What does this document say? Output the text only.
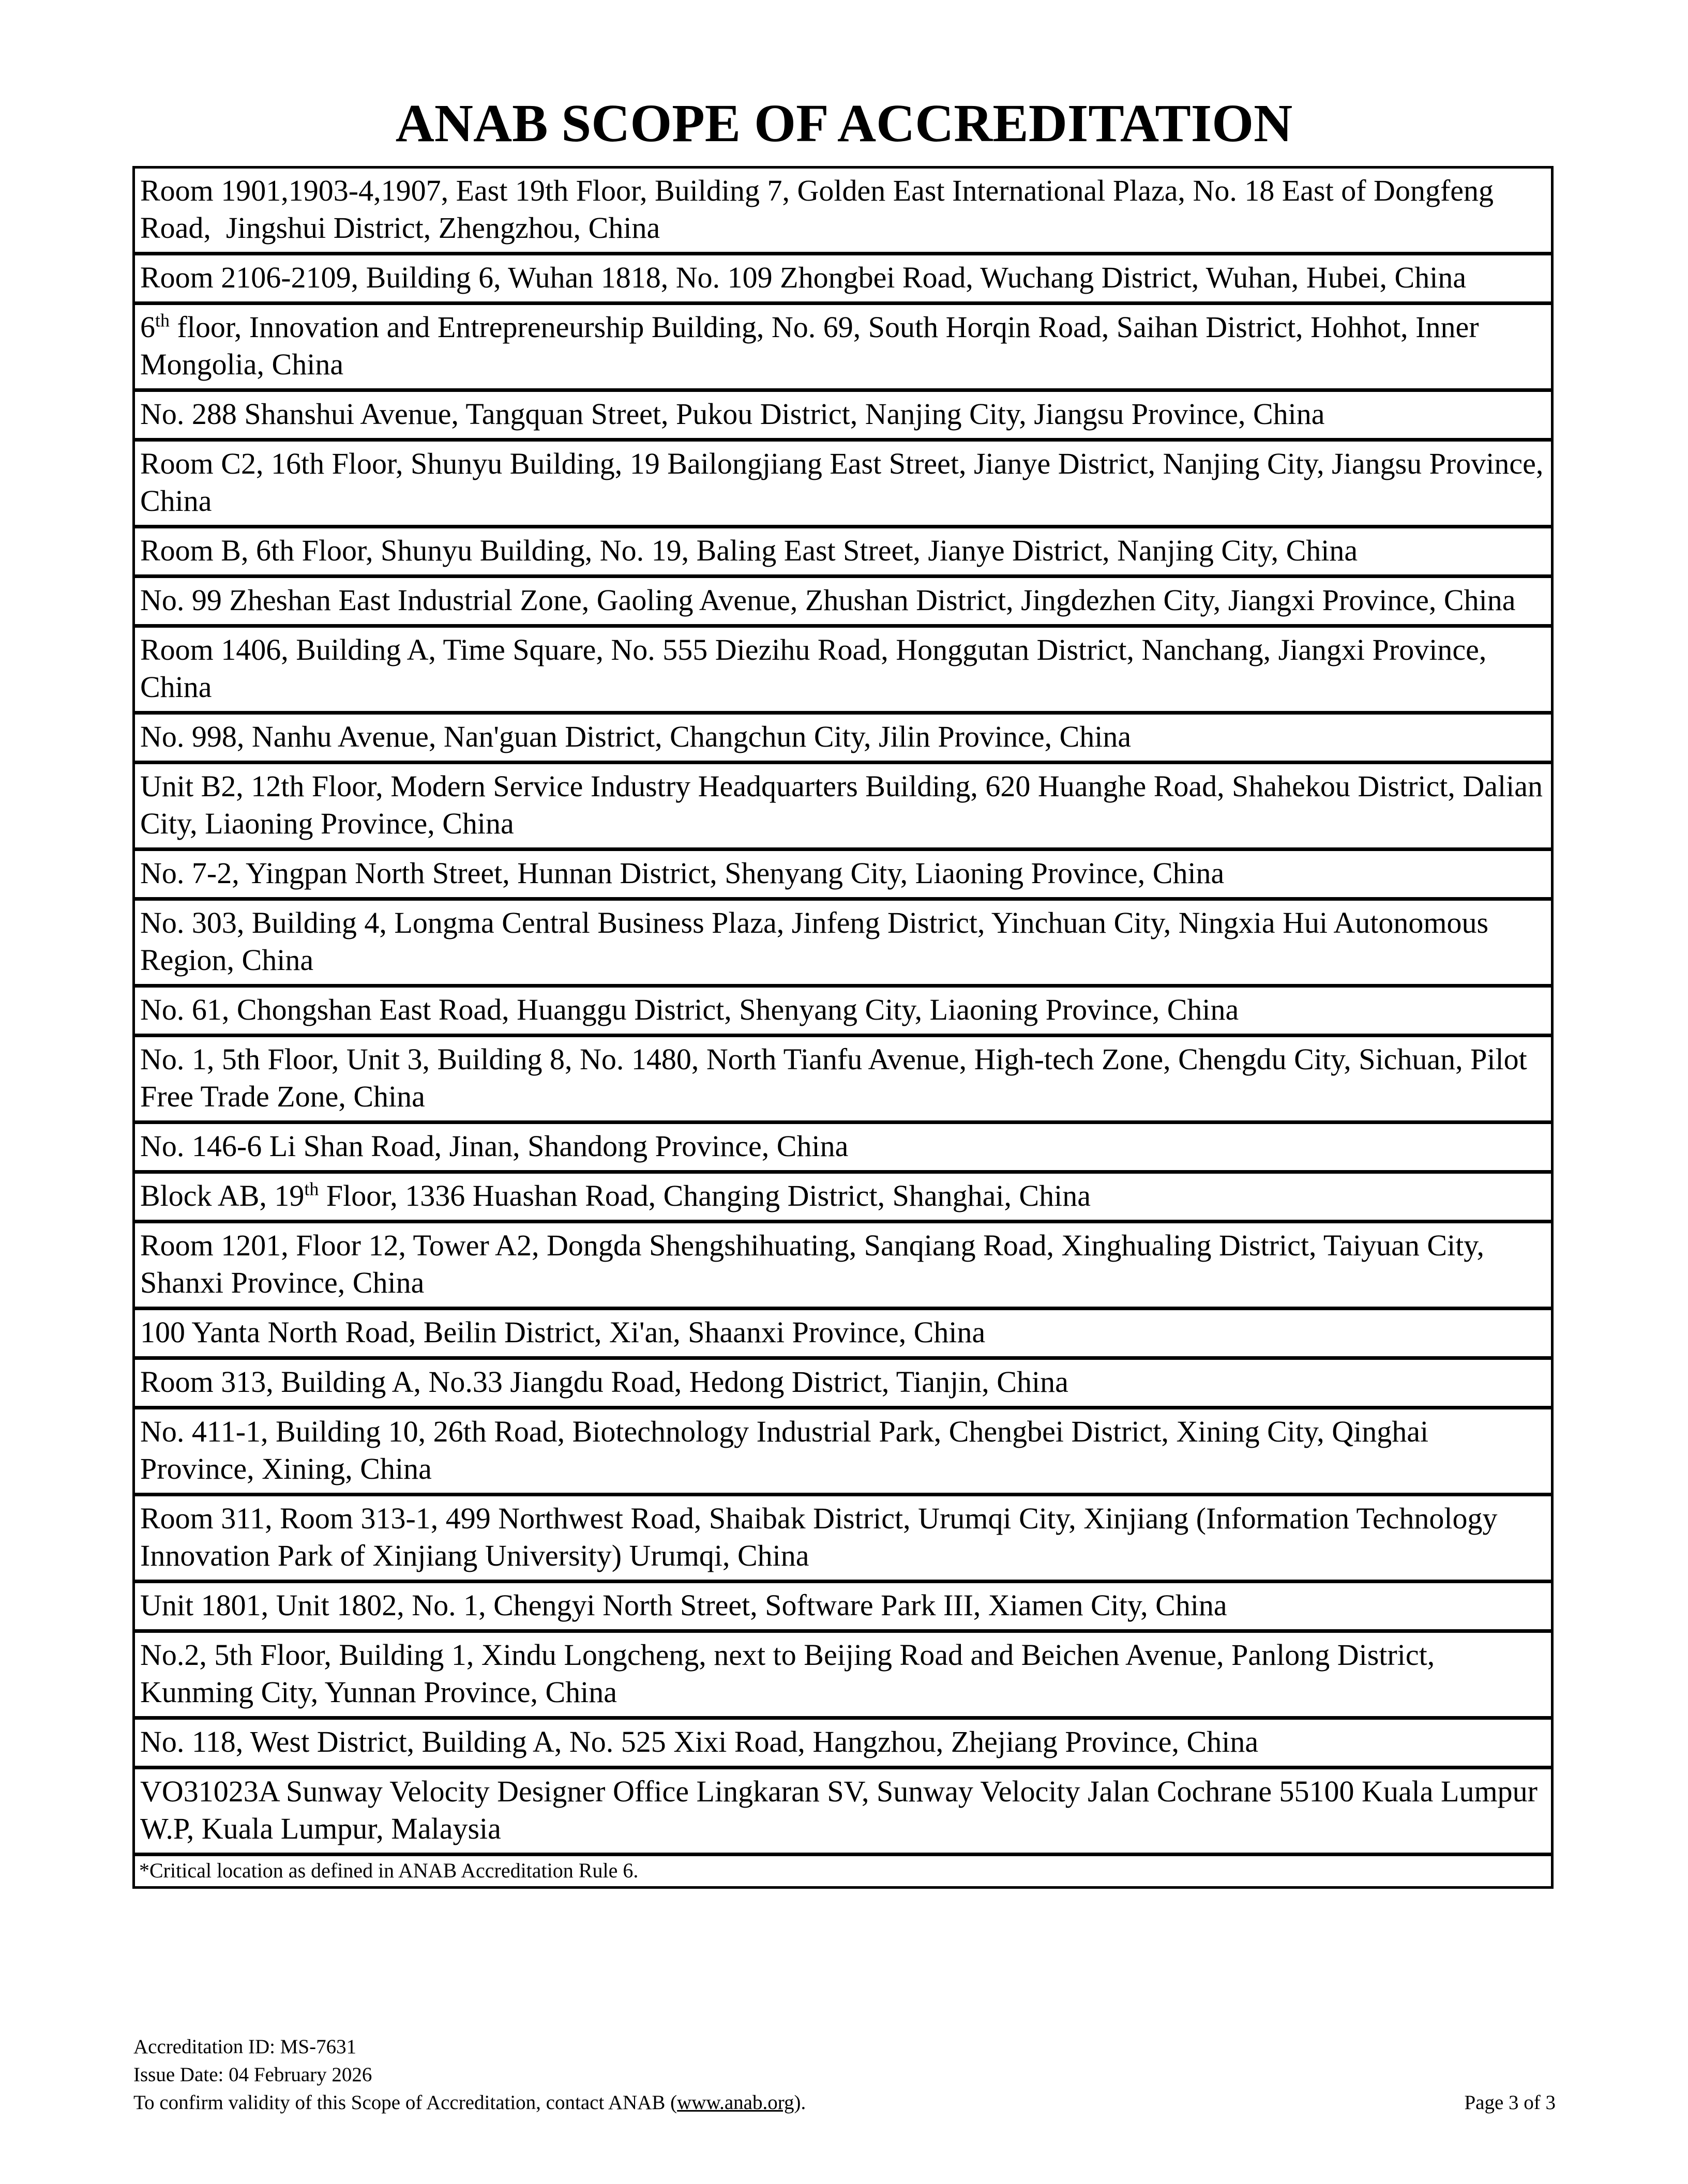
ANAB SCOPE OF ACCREDITATION
Room 1901,1903-4,1907, East 19th Floor, Building 7, Golden East International Plaza, No. 18 East of Dongfeng Road,  Jingshui District, Zhengzhou, China
Room 2106-2109, Building 6, Wuhan 1818, No. 109 Zhongbei Road, Wuchang District, Wuhan, Hubei, China
6th floor, Innovation and Entrepreneurship Building, No. 69, South Horqin Road, Saihan District, Hohhot, Inner Mongolia, China
No. 288 Shanshui Avenue, Tangquan Street, Pukou District, Nanjing City, Jiangsu Province, China
Room C2, 16th Floor, Shunyu Building, 19 Bailongjiang East Street, Jianye District, Nanjing City, Jiangsu Province, China
Room B, 6th Floor, Shunyu Building, No. 19, Baling East Street, Jianye District, Nanjing City, China
No. 99 Zheshan East Industrial Zone, Gaoling Avenue, Zhushan District, Jingdezhen City, Jiangxi Province, China
Room 1406, Building A, Time Square, No. 555 Diezihu Road, Honggutan District, Nanchang, Jiangxi Province, China
No. 998, Nanhu Avenue, Nan'guan District, Changchun City, Jilin Province, China
Unit B2, 12th Floor, Modern Service Industry Headquarters Building, 620 Huanghe Road, Shahekou District, Dalian City, Liaoning Province, China
No. 7-2, Yingpan North Street, Hunnan District, Shenyang City, Liaoning Province, China
No. 303, Building 4, Longma Central Business Plaza, Jinfeng District, Yinchuan City, Ningxia Hui Autonomous Region, China
No. 61, Chongshan East Road, Huanggu District, Shenyang City, Liaoning Province, China
No. 1, 5th Floor, Unit 3, Building 8, No. 1480, North Tianfu Avenue, High-tech Zone, Chengdu City, Sichuan, Pilot Free Trade Zone, China
No. 146-6 Li Shan Road, Jinan, Shandong Province, China
Block AB, 19th Floor, 1336 Huashan Road, Changing District, Shanghai, China
Room 1201, Floor 12, Tower A2, Dongda Shengshihuating, Sanqiang Road, Xinghualing District, Taiyuan City, Shanxi Province, China
100 Yanta North Road, Beilin District, Xi'an, Shaanxi Province, China
Room 313, Building A, No.33 Jiangdu Road, Hedong District, Tianjin, China
No. 411-1, Building 10, 26th Road, Biotechnology Industrial Park, Chengbei District, Xining City, Qinghai Province, Xining, China
Room 311, Room 313-1, 499 Northwest Road, Shaibak District, Urumqi City, Xinjiang (Information Technology Innovation Park of Xinjiang University) Urumqi, China
Unit 1801, Unit 1802, No. 1, Chengyi North Street, Software Park III, Xiamen City, China
No.2, 5th Floor, Building 1, Xindu Longcheng, next to Beijing Road and Beichen Avenue, Panlong District, Kunming City, Yunnan Province, China
No. 118, West District, Building A, No. 525 Xixi Road, Hangzhou, Zhejiang Province, China
VO31023A Sunway Velocity Designer Office Lingkaran SV, Sunway Velocity Jalan Cochrane 55100 Kuala Lumpur W.P, Kuala Lumpur, Malaysia
*Critical location as defined in ANAB Accreditation Rule 6.
Accreditation ID: MS-7631
Issue Date: 04 February 2026
To confirm validity of this Scope of Accreditation, contact ANAB (www.anab.org).	Page 3 of 3
